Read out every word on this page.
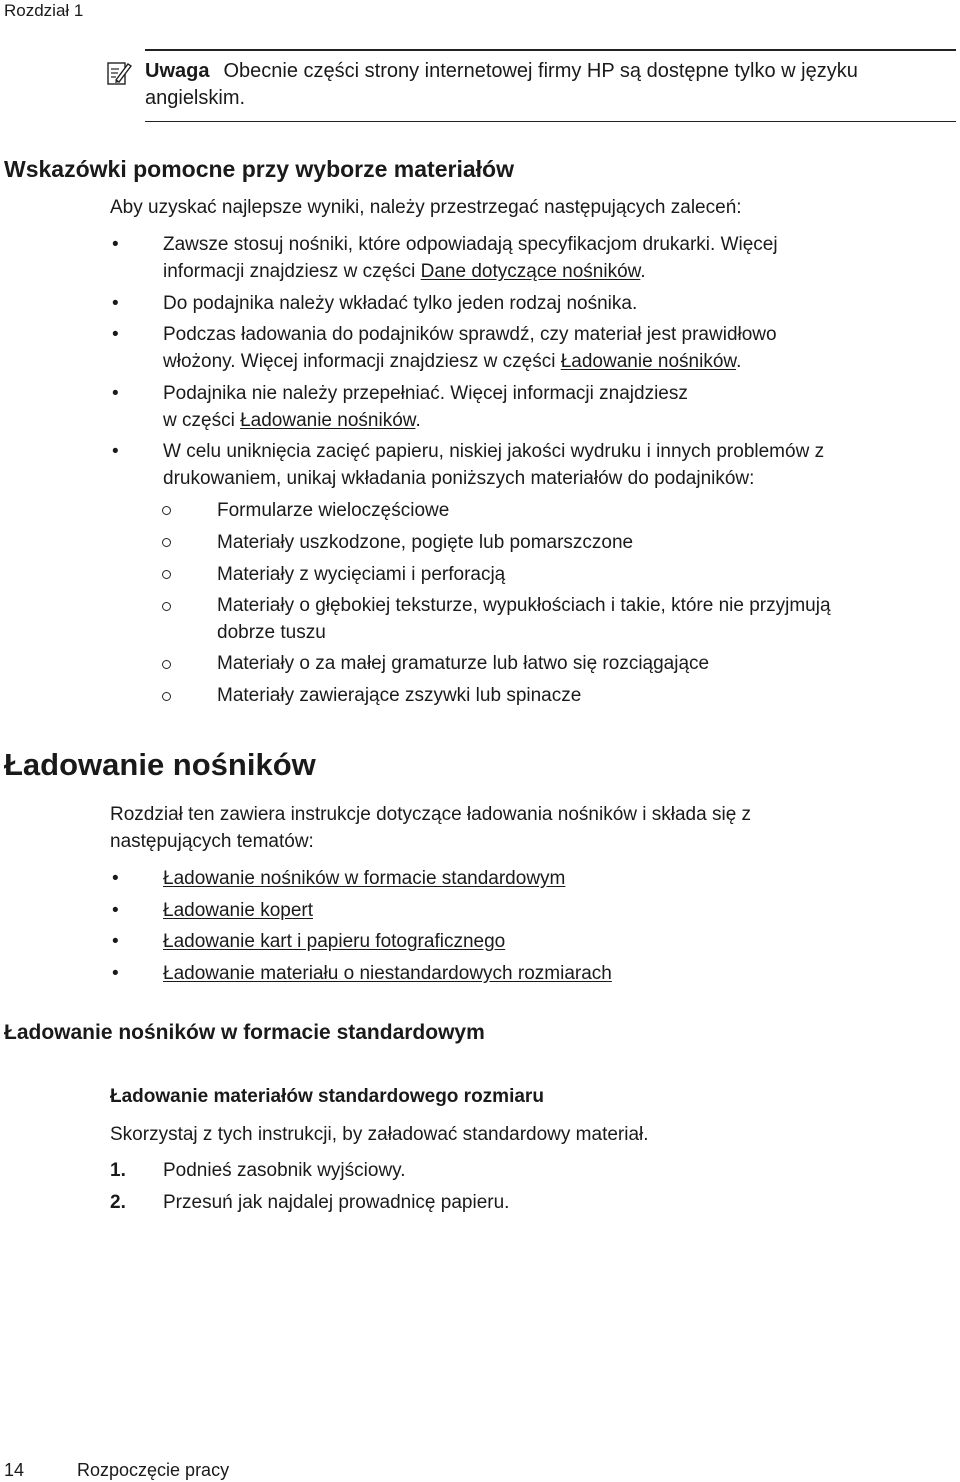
Rozdział 1
Uwaga Obecnie części strony internetowej firmy HP są dostępne tylko w języku angielskim.
Wskazówki pomocne przy wyborze materiałów
Aby uzyskać najlepsze wyniki, należy przestrzegać następujących zaleceń:
• Zawsze stosuj nośniki, które odpowiadają specyfikacjom drukarki. Więcej
informacji znajdziesz w części Dane dotyczące nośników.
• Do podajnika należy wkładać tylko jeden rodzaj nośnika.
• Podczas ładowania do podajników sprawdź, czy materiał jest prawidłowo
włożony. Więcej informacji znajdziesz w części Ładowanie nośników.
• Podajnika nie należy przepełniać. Więcej informacji znajdziesz
w części Ładowanie nośników.
• W celu uniknięcia zacięć papieru, niskiej jakości wydruku i innych problemów z
drukowaniem, unikaj wkładania poniższych materiałów do podajników:
Formularze wieloczęściowe
Materiały uszkodzone, pogięte lub pomarszczone
Materiały z wycięciami i perforacją
Materiały o głębokiej teksturze, wypukłościach i takie, które nie przyjmują
dobrze tuszu
Materiały o za małej gramaturze lub łatwo się rozciągające
Materiały zawierające zszywki lub spinacze
Ładowanie nośników
Rozdział ten zawiera instrukcje dotyczące ładowania nośników i składa się z
następujących tematów:
• Ładowanie nośników w formacie standardowym
• Ładowanie kopert
• Ładowanie kart i papieru fotograficznego
• Ładowanie materiału o niestandardowych rozmiarach
Ładowanie nośników w formacie standardowym
Ładowanie materiałów standardowego rozmiaru
Skorzystaj z tych instrukcji, by załadować standardowy materiał.
1. Podnieś zasobnik wyjściowy.
2. Przesuń jak najdalej prowadnicę papieru.
14	Rozpoczęcie pracy
